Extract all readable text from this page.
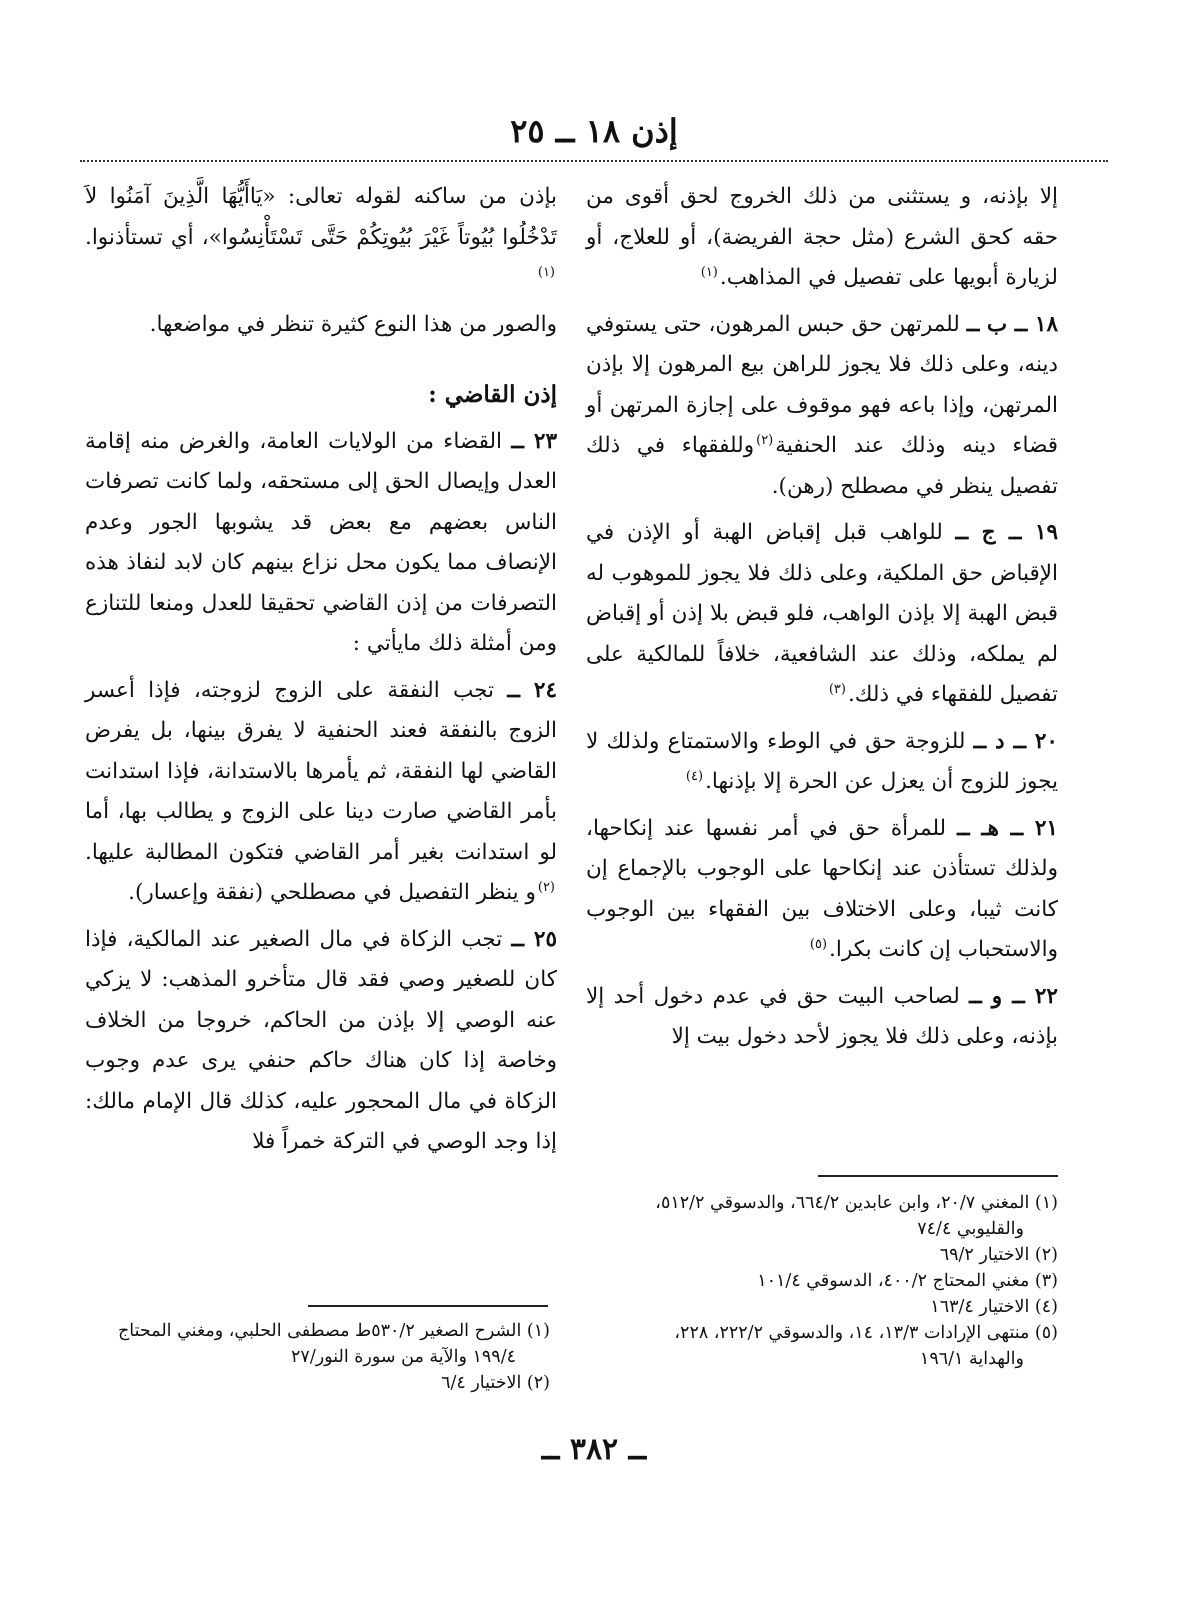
إذن ١٨ ــ ٢٥

إلا بإذنه، و يستثنى من ذلك الخروج لحق أقوى من حقه كحق الشرع (مثل حجة الفريضة)، أو للعلاج، أو لزيارة أبويها على تفصيل في المذاهب.$^{(١)}$

١٨ ــ ب ــ للمرتهن حق حبس المرهون، حتى يستوفي دينه، وعلى ذلك فلا يجوز للراهن بيع المرهون إلا بإذن المرتهن، وإذا باعه فهو موقوف على إجازة المرتهن أو قضاء دينه وذلك عند الحنفية$^{(٢)}$وللفقهاء في ذلك تفصيل ينظر في مصطلح (رهن).

١٩ ــ ج ــ للواهب قبل إقباض الهبة أو الإذن في الإقباض حق الملكية، وعلى ذلك فلا يجوز للموهوب له قبض الهبة إلا بإذن الواهب، فلو قبض بلا إذن أو إقباض لم يملكه، وذلك عند الشافعية، خلافاً للمالكية على تفصيل للفقهاء في ذلك.$^{(٣)}$

٢٠ ــ د ــ للزوجة حق في الوطء والاستمتاع ولذلك لا يجوز للزوج أن يعزل عن الحرة إلا بإذنها.$^{(٤)}$

٢١ ــ هـ ــ للمرأة حق في أمر نفسها عند إنكاحها، ولذلك تستأذن عند إنكاحها على الوجوب بالإجماع إن كانت ثيبا، وعلى الاختلاف بين الفقهاء بين الوجوب والاستحباب إن كانت بكرا.$^{(٥)}$

٢٢ ــ و ــ لصاحب البيت حق في عدم دخول أحد إلا بإذنه، وعلى ذلك فلا يجوز لأحد دخول بيت إلا

بإذن من ساكنه لقوله تعالى: «يَاأَيُّهَا الَّذِينَ آمَنُوا لاَ تَدْخُلُوا بُيُوتاً غَيْرَ بُيُوتِكُمْ حَتَّى تَسْتَأْنِسُوا»، أي تستأذنوا.$^{(١)}$

والصور من هذا النوع كثيرة تنظر في مواضعها.

إذن القاضي :

٢٣ ــ القضاء من الولايات العامة، والغرض منه إقامة العدل وإيصال الحق إلى مستحقه، ولما كانت تصرفات الناس بعضهم مع بعض قد يشوبها الجور وعدم الإنصاف مما يكون محل نزاع بينهم كان لابد لنفاذ هذه التصرفات من إذن القاضي تحقيقا للعدل ومنعا للتنازع ومن أمثلة ذلك مايأتي :

٢٤ ــ تجب النفقة على الزوج لزوجته، فإذا أعسر الزوج بالنفقة فعند الحنفية لا يفرق بينها، بل يفرض القاضي لها النفقة، ثم يأمرها بالاستدانة، فإذا استدانت بأمر القاضي صارت دينا على الزوج و يطالب بها، أما لو استدانت بغير أمر القاضي فتكون المطالبة عليها.$^{(٢)}$و ينظر التفصيل في مصطلحي (نفقة وإعسار).

٢٥ ــ تجب الزكاة في مال الصغير عند المالكية، فإذا كان للصغير وصي فقد قال متأخرو المذهب: لا يزكي عنه الوصي إلا بإذن من الحاكم، خروجا من الخلاف وخاصة إذا كان هناك حاكم حنفي يرى عدم وجوب الزكاة في مال المحجور عليه، كذلك قال الإمام مالك: إذا وجد الوصي في التركة خمراً فلا

(١) المغني ٢٠/٧، وابن عابدين ٦٦٤/٢، والدسوقي ٥١٢/٢،
والقليوبي ٧٤/٤
(٢) الاختيار ٦٩/٢
(٣) مغني المحتاج ٤٠٠/٢، الدسوقي ١٠١/٤
(٤) الاختيار ١٦٣/٤
(٥) منتهى الإرادات ١٣/٣، ١٤، والدسوقي ٢٢٢/٢، ٢٢٨،
والهداية ١٩٦/١
(١) الشرح الصغير ٥٣٠/٢ط مصطفى الحلبي، ومغني المحتاج
١٩٩/٤ والآية من سورة النور/٢٧
(٢) الاختيار ٦/٤
ــ ٣٨٢ ــ
